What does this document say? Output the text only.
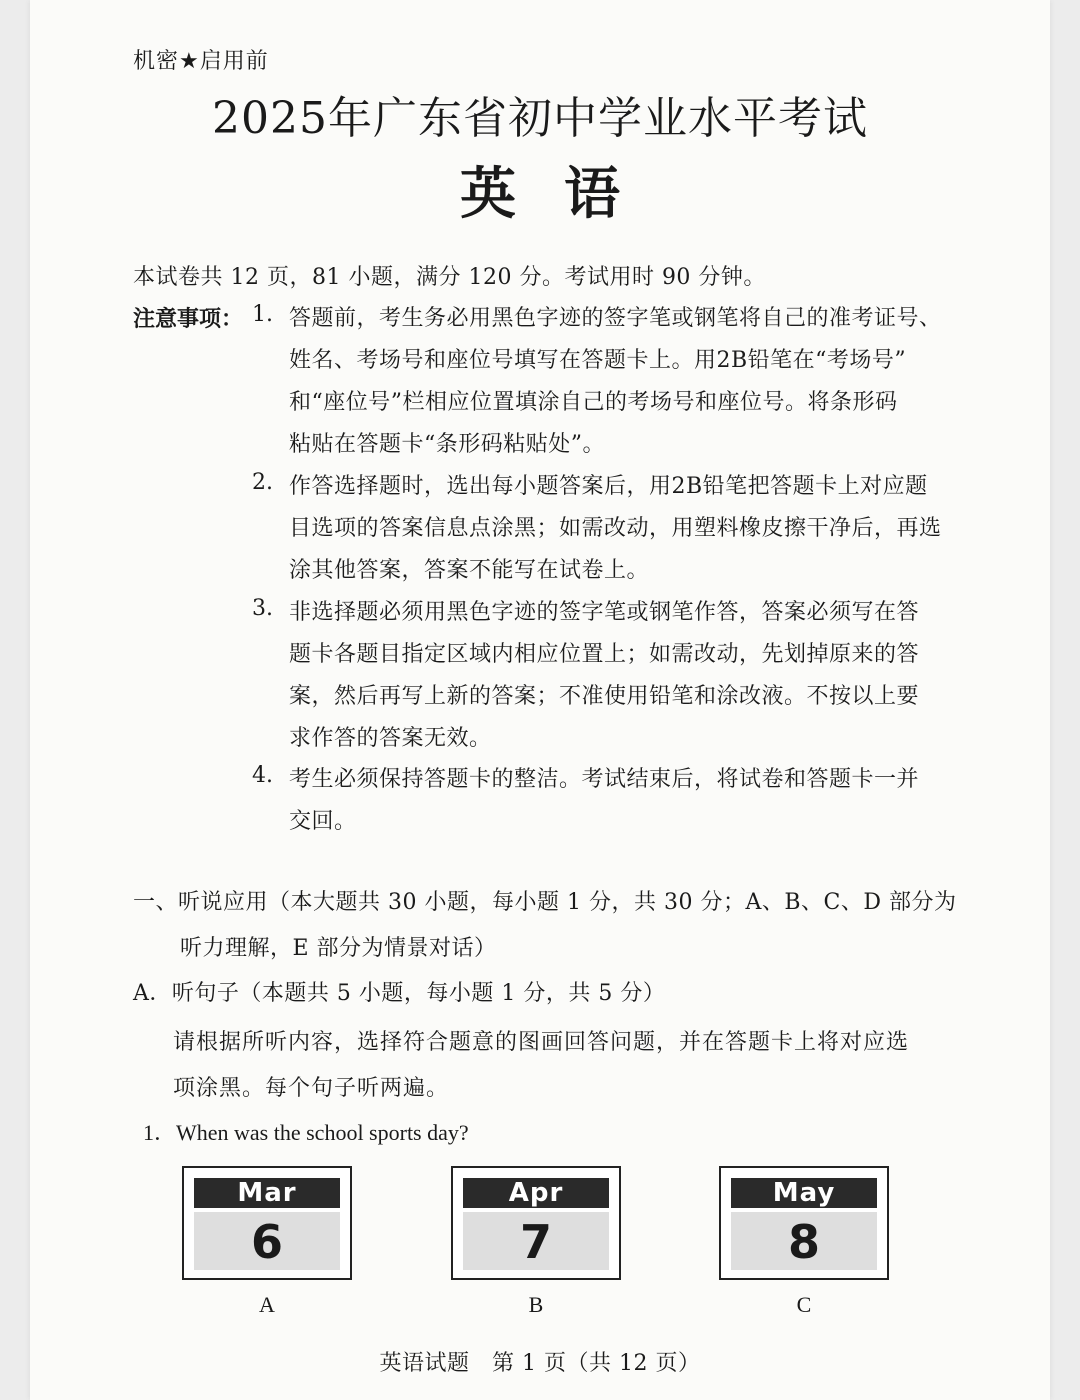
机密★启用前
2025年广东省初中学业水平考试
英语
本试卷共 12 页，81 小题，满分 120 分。考试用时 90 分钟。
注意事项： 1. 答题前，考生务必用黑色字迹的签字笔或钢笔将自己的准考证号、
姓名、考场号和座位号填写在答题卡上。用2B铅笔在“考场号”
和“座位号”栏相应位置填涂自己的考场号和座位号。将条形码
粘贴在答题卡“条形码粘贴处”。
2. 作答选择题时，选出每小题答案后，用2B铅笔把答题卡上对应题
目选项的答案信息点涂黑；如需改动，用塑料橡皮擦干净后，再选
涂其他答案，答案不能写在试卷上。
3. 非选择题必须用黑色字迹的签字笔或钢笔作答，答案必须写在答
题卡各题目指定区域内相应位置上；如需改动，先划掉原来的答
案，然后再写上新的答案；不准使用铅笔和涂改液。不按以上要
求作答的答案无效。
4. 考生必须保持答题卡的整洁。考试结束后，将试卷和答题卡一并
交回。
一、听说应用（本大题共 30 小题，每小题 1 分，共 30 分；A、B、C、D 部分为
听力理解，E 部分为情景对话）
A．听句子（本题共 5 小题，每小题 1 分，共 5 分）
请根据所听内容，选择符合题意的图画回答问题，并在答题卡上将对应选
项涂黑。每个句子听两遍。
1．When was the school sports day?
Mar
6
A
Apr
7
B
May
8
C
英语试题　第 1 页（共 12 页）
